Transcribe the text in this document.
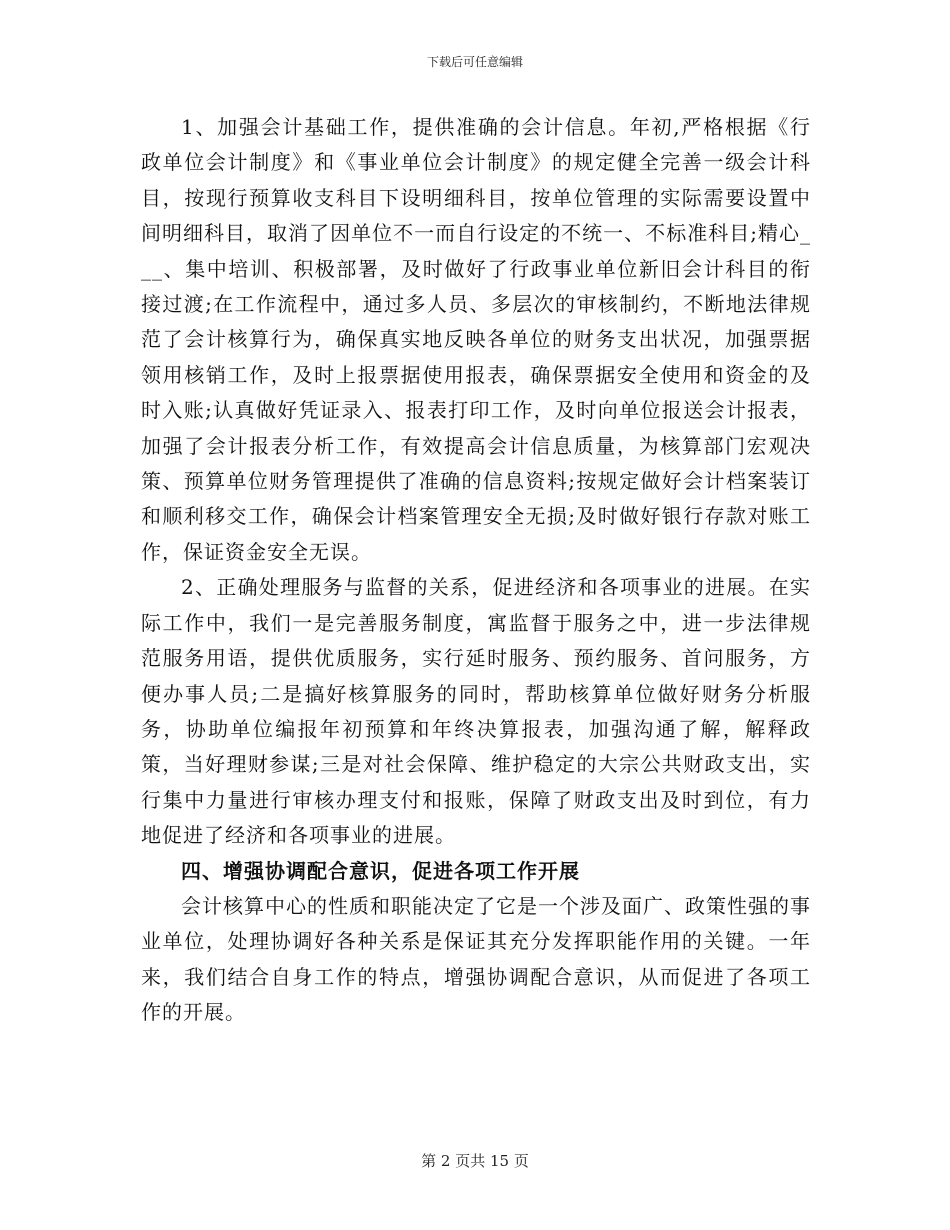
下载后可任意编辑

1、加强会计基础工作，提供准确的会计信息。年初,严格根据《行政单位会计制度》和《事业单位会计制度》的规定健全完善一级会计科目，按现行预算收支科目下设明细科目，按单位管理的实际需要设置中间明细科目，取消了因单位不一而自行设定的不统一、不标准科目;精心___、集中培训、积极部署，及时做好了行政事业单位新旧会计科目的衔接过渡;在工作流程中，通过多人员、多层次的审核制约，不断地法律规范了会计核算行为，确保真实地反映各单位的财务支出状况，加强票据领用核销工作，及时上报票据使用报表，确保票据安全使用和资金的及时入账;认真做好凭证录入、报表打印工作，及时向单位报送会计报表，加强了会计报表分析工作，有效提高会计信息质量，为核算部门宏观决策、预算单位财务管理提供了准确的信息资料;按规定做好会计档案装订和顺利移交工作，确保会计档案管理安全无损;及时做好银行存款对账工作，保证资金安全无误。

2、正确处理服务与监督的关系，促进经济和各项事业的进展。在实际工作中，我们一是完善服务制度，寓监督于服务之中，进一步法律规范服务用语，提供优质服务，实行延时服务、预约服务、首问服务，方便办事人员;二是搞好核算服务的同时，帮助核算单位做好财务分析服务，协助单位编报年初预算和年终决算报表，加强沟通了解，解释政策，当好理财参谋;三是对社会保障、维护稳定的大宗公共财政支出，实行集中力量进行审核办理支付和报账，保障了财政支出及时到位，有力地促进了经济和各项事业的进展。

四、增强协调配合意识，促进各项工作开展

会计核算中心的性质和职能决定了它是一个涉及面广、政策性强的事业单位，处理协调好各种关系是保证其充分发挥职能作用的关键。一年来，我们结合自身工作的特点，增强协调配合意识，从而促进了各项工作的开展。

第 2 页共 15 页
